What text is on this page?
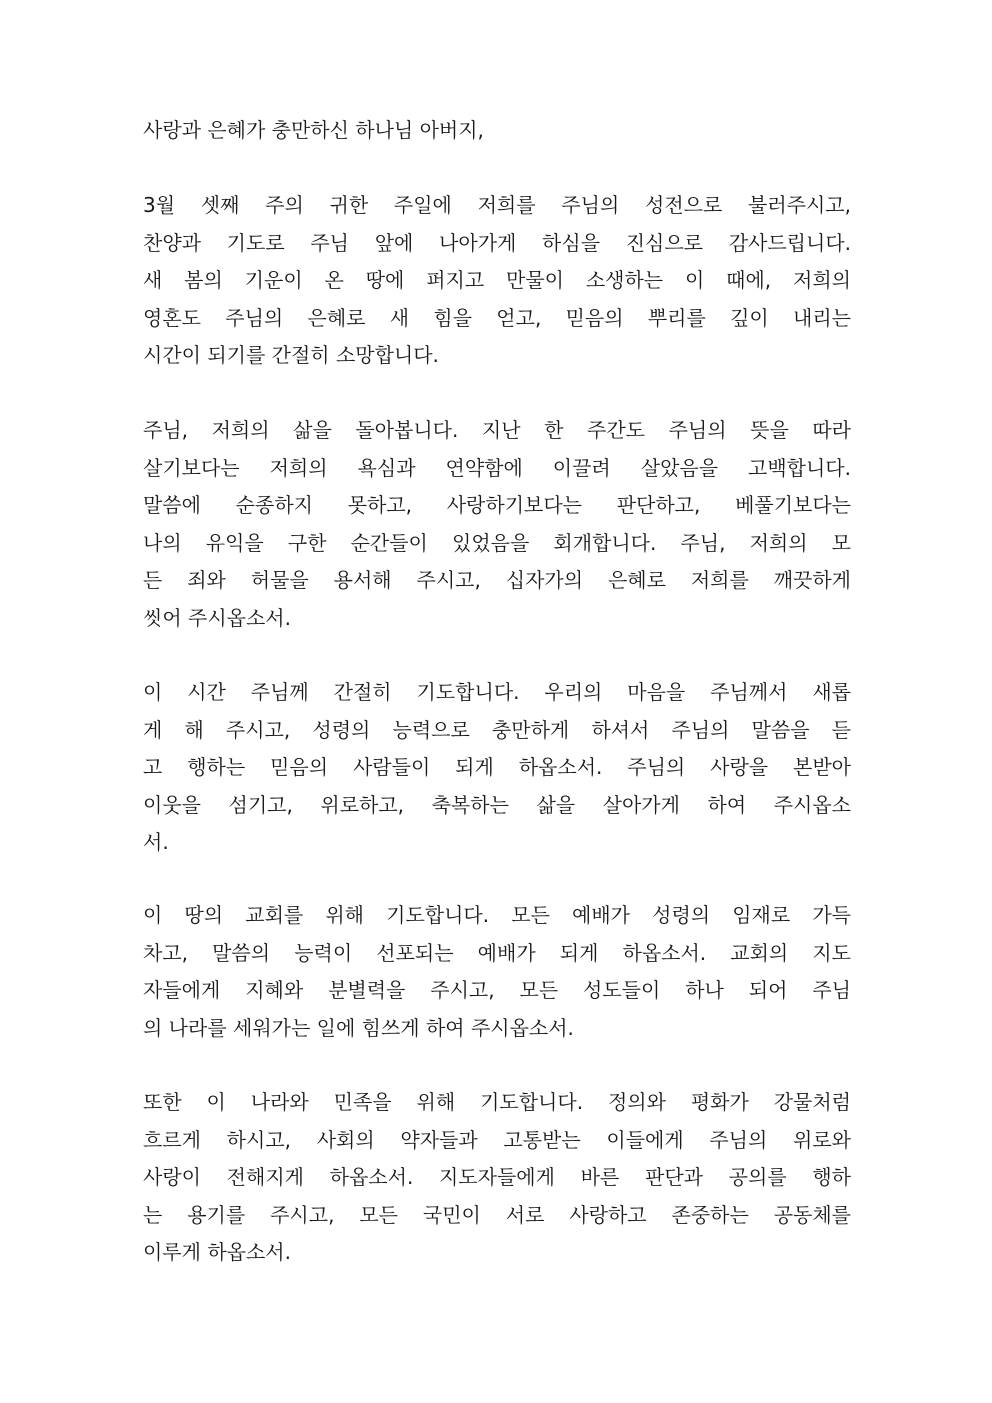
사랑과 은혜가 충만하신 하나님 아버지,
3월 셋째 주의 귀한 주일에 저희를 주님의 성전으로 불러주시고,
찬양과 기도로 주님 앞에 나아가게 하심을 진심으로 감사드립니다.
새 봄의 기운이 온 땅에 퍼지고 만물이 소생하는 이 때에, 저희의
영혼도 주님의 은혜로 새 힘을 얻고, 믿음의 뿌리를 깊이 내리는
시간이 되기를 간절히 소망합니다.
주님, 저희의 삶을 돌아봅니다. 지난 한 주간도 주님의 뜻을 따라
살기보다는 저희의 욕심과 연약함에 이끌려 살았음을 고백합니다.
말씀에 순종하지 못하고, 사랑하기보다는 판단하고, 베풀기보다는
나의 유익을 구한 순간들이 있었음을 회개합니다. 주님, 저희의 모
든 죄와 허물을 용서해 주시고, 십자가의 은혜로 저희를 깨끗하게
씻어 주시옵소서.
이 시간 주님께 간절히 기도합니다. 우리의 마음을 주님께서 새롭
게 해 주시고, 성령의 능력으로 충만하게 하셔서 주님의 말씀을 듣
고 행하는 믿음의 사람들이 되게 하옵소서. 주님의 사랑을 본받아
이웃을 섬기고, 위로하고, 축복하는 삶을 살아가게 하여 주시옵소
서.
이 땅의 교회를 위해 기도합니다. 모든 예배가 성령의 임재로 가득
차고, 말씀의 능력이 선포되는 예배가 되게 하옵소서. 교회의 지도
자들에게 지혜와 분별력을 주시고, 모든 성도들이 하나 되어 주님
의 나라를 세워가는 일에 힘쓰게 하여 주시옵소서.
또한 이 나라와 민족을 위해 기도합니다. 정의와 평화가 강물처럼
흐르게 하시고, 사회의 약자들과 고통받는 이들에게 주님의 위로와
사랑이 전해지게 하옵소서. 지도자들에게 바른 판단과 공의를 행하
는 용기를 주시고, 모든 국민이 서로 사랑하고 존중하는 공동체를
이루게 하옵소서.
